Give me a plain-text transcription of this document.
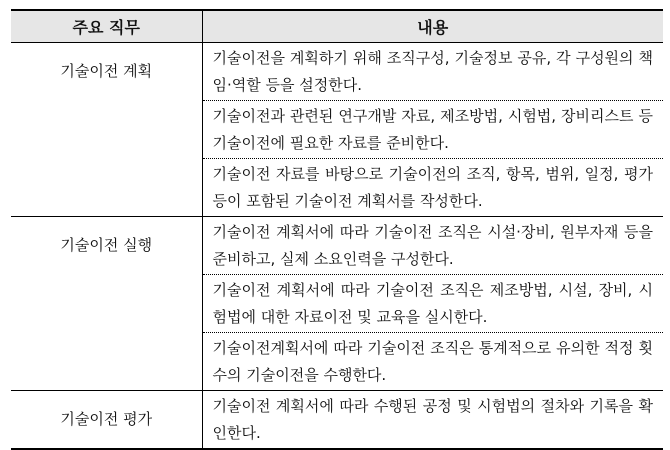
주요 직무	내용
기술이전 계획	기술이전을 계획하기 위해 조직구성, 기술정보 공유, 각 구성원의 책임·역할 등을 설정한다.
	기술이전과 관련된 연구개발 자료, 제조방법, 시험법, 장비리스트 등 기술이전에 필요한 자료를 준비한다.
	기술이전 자료를 바탕으로 기술이전의 조직, 항목, 범위, 일정, 평가 등이 포함된 기술이전 계획서를 작성한다.
기술이전 실행	기술이전 계획서에 따라 기술이전 조직은 시설·장비, 원부자재 등을 준비하고, 실제 소요인력을 구성한다.
	기술이전 계획서에 따라 기술이전 조직은 제조방법, 시설, 장비, 시험법에 대한 자료이전 및 교육을 실시한다.
	기술이전계획서에 따라 기술이전 조직은 통계적으로 유의한 적정 횟수의 기술이전을 수행한다.
기술이전 평가	기술이전 계획서에 따라 수행된 공정 및 시험법의 절차와 기록을 확인한다.
